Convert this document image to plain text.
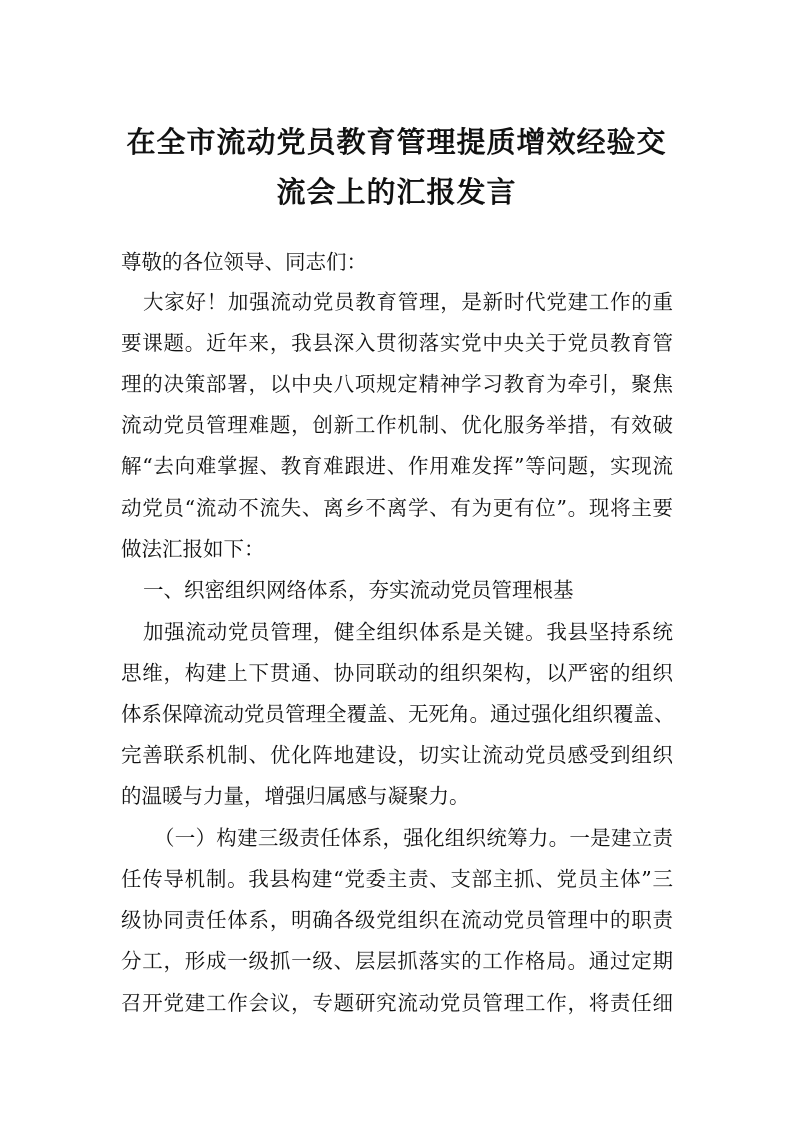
在全市流动党员教育管理提质增效经验交
流会上的汇报发言

尊敬的各位领导、同志们：

大家好！加强流动党员教育管理，是新时代党建工作的重

要课题。近年来，我县深入贯彻落实党中央关于党员教育管

理的决策部署，以中央八项规定精神学习教育为牵引，聚焦

流动党员管理难题，创新工作机制、优化服务举措，有效破

解“去向难掌握、教育难跟进、作用难发挥”等问题，实现流

动党员“流动不流失、离乡不离学、有为更有位”。现将主要

做法汇报如下：

一、织密组织网络体系，夯实流动党员管理根基

加强流动党员管理，健全组织体系是关键。我县坚持系统

思维，构建上下贯通、协同联动的组织架构，以严密的组织

体系保障流动党员管理全覆盖、无死角。通过强化组织覆盖、

完善联系机制、优化阵地建设，切实让流动党员感受到组织

的温暖与力量，增强归属感与凝聚力。

（一）构建三级责任体系，强化组织统筹力。一是建立责

任传导机制。我县构建“党委主责、支部主抓、党员主体”三

级协同责任体系，明确各级党组织在流动党员管理中的职责

分工，形成一级抓一级、层层抓落实的工作格局。通过定期

召开党建工作会议，专题研究流动党员管理工作，将责任细
